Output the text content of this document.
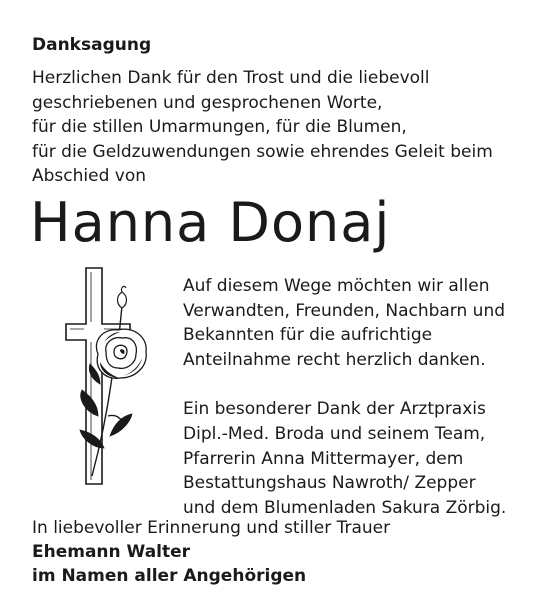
Danksagung
Herzlichen Dank für den Trost und die liebevoll
geschriebenen und gesprochenen Worte,
für die stillen Umarmungen, für die Blumen,
für die Geldzuwendungen sowie ehrendes Geleit beim
Abschied von
Hanna Donaj
Auf diesem Wege möchten wir allen
Verwandten, Freunden, Nachbarn und
Bekannten für die aufrichtige
Anteilnahme recht herzlich danken.
Ein besonderer Dank der Arztpraxis
Dipl.-Med. Broda und seinem Team,
Pfarrerin Anna Mittermayer, dem
Bestattungshaus Nawroth/ Zepper
und dem Blumenladen Sakura Zörbig.
In liebevoller Erinnerung und stiller Trauer
Ehemann Walter
im Namen aller Angehörigen
